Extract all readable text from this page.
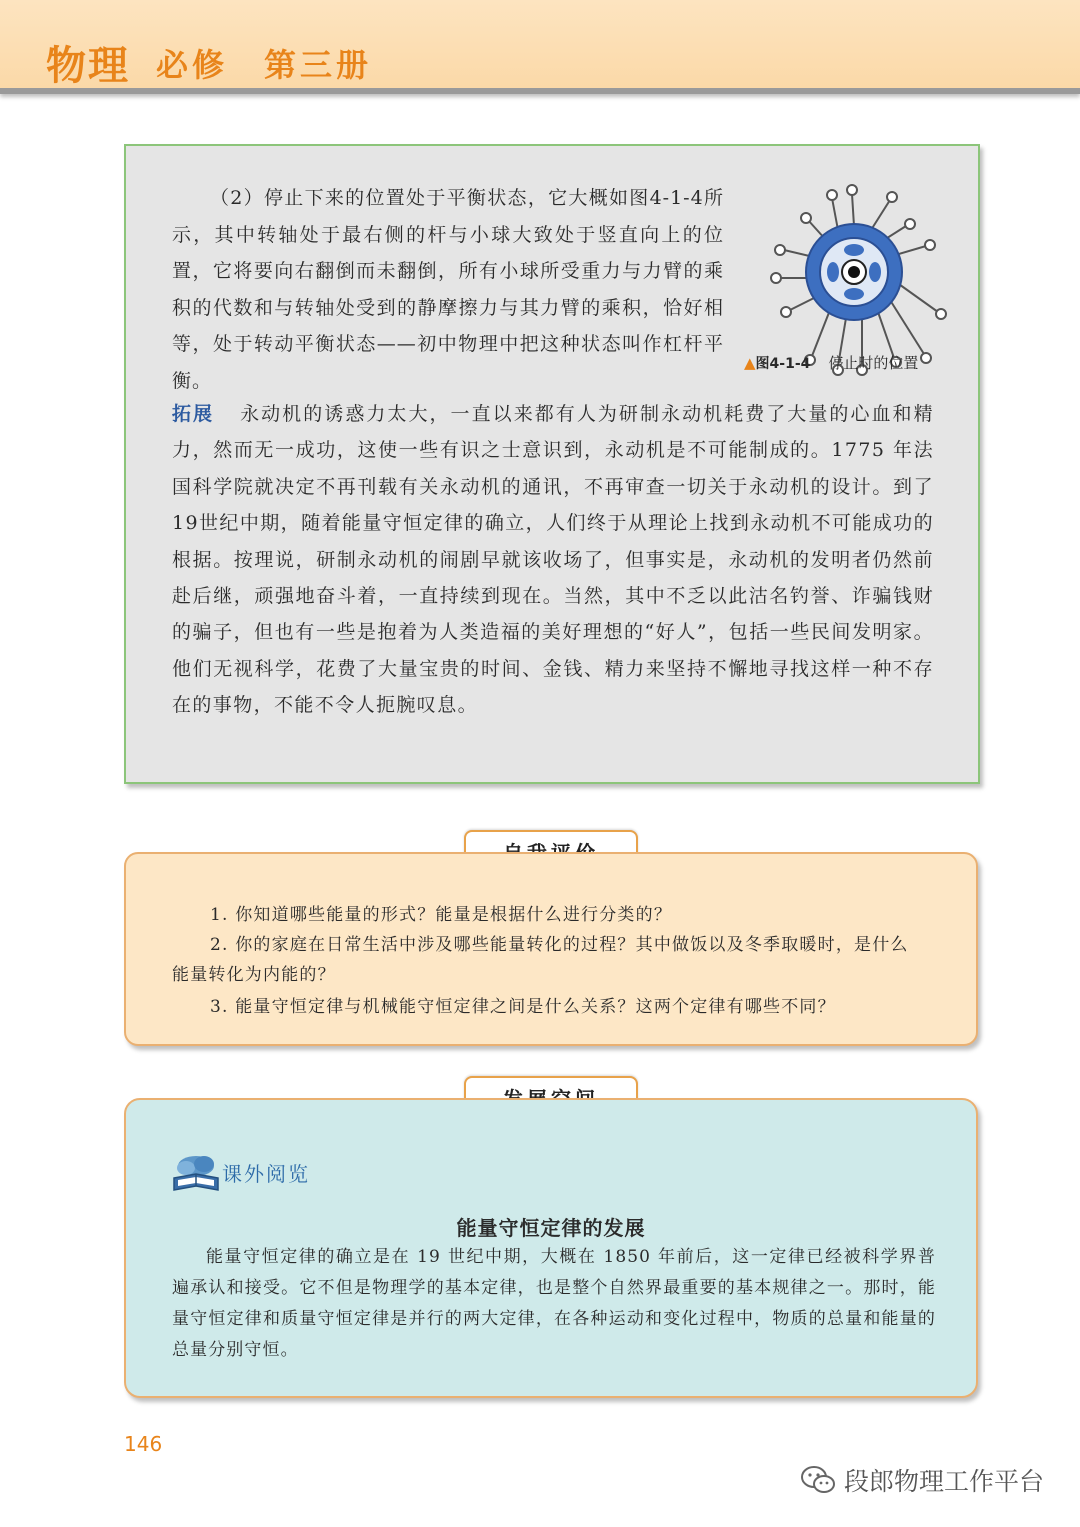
物理 必修　第三册
（2）停止下来的位置处于平衡状态，它大概如图4-1-4所示，其中转轴处于最右侧的杆与小球大致处于竖直向上的位置，它将要向右翻倒而未翻倒，所有小球所受重力与力臂的乘积的代数和与转轴处受到的静摩擦力与其力臂的乘积，恰好相等，处于转动平衡状态——初中物理中把这种状态叫作杠杆平衡。
▲图4-1-4 停止时的位置
拓展 永动机的诱惑力太大，一直以来都有人为研制永动机耗费了大量的心血和精力，然而无一成功，这使一些有识之士意识到，永动机是不可能制成的。1775 年法国科学院就决定不再刊载有关永动机的通讯，不再审查一切关于永动机的设计。到了19世纪中期，随着能量守恒定律的确立，人们终于从理论上找到永动机不可能成功的根据。按理说，研制永动机的闹剧早就该收场了，但事实是，永动机的发明者仍然前赴后继，顽强地奋斗着，一直持续到现在。当然，其中不乏以此沽名钓誉、诈骗钱财的骗子，但也有一些是抱着为人类造福的美好理想的“好人”，包括一些民间发明家。他们无视科学，花费了大量宝贵的时间、金钱、精力来坚持不懈地寻找这样一种不存在的事物，不能不令人扼腕叹息。
1. 你知道哪些能量的形式？能量是根据什么进行分类的？
2. 你的家庭在日常生活中涉及哪些能量转化的过程？其中做饭以及冬季取暖时，是什么
能量转化为内能的？
3. 能量守恒定律与机械能守恒定律之间是什么关系？这两个定律有哪些不同？
课外阅览
能量守恒定律的发展
能量守恒定律的确立是在 19 世纪中期，大概在 1850 年前后，这一定律已经被科学界普遍承认和接受。它不但是物理学的基本定律，也是整个自然界最重要的基本规律之一。那时，能量守恒定律和质量守恒定律是并行的两大定律，在各种运动和变化过程中，物质的总量和能量的总量分别守恒。
146
段郎物理工作平台
